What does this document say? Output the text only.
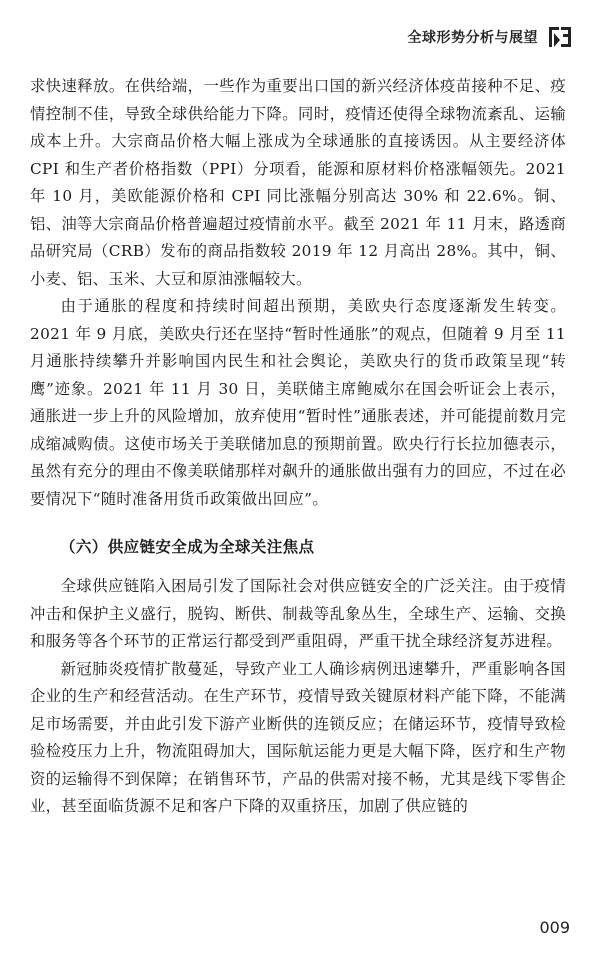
全球形势分析与展望

求快速释放。在供给端，一些作为重要出口国的新兴经济体疫苗接种不足、疫情控制不佳，导致全球供给能力下降。同时，疫情还使得全球物流紊乱、运输成本上升。大宗商品价格大幅上涨成为全球通胀的直接诱因。从主要经济体 CPI 和生产者价格指数（PPI）分项看，能源和原材料价格涨幅领先。2021 年 10 月，美欧能源价格和 CPI 同比涨幅分别高达 30% 和 22.6%。铜、铝、油等大宗商品价格普遍超过疫情前水平。截至 2021 年 11 月末，路透商品研究局（CRB）发布的商品指数较 2019 年 12 月高出 28%。其中，铜、小麦、铝、玉米、大豆和原油涨幅较大。

由于通胀的程度和持续时间超出预期，美欧央行态度逐渐发生转变。2021 年 9 月底，美欧央行还在坚持“暂时性通胀”的观点，但随着 9 月至 11 月通胀持续攀升并影响国内民生和社会舆论，美欧央行的货币政策呈现“转鹰”迹象。2021 年 11 月 30 日，美联储主席鲍威尔在国会听证会上表示，通胀进一步上升的风险增加，放弃使用“暂时性”通胀表述，并可能提前数月完成缩减购债。这使市场关于美联储加息的预期前置。欧央行行长拉加德表示，虽然有充分的理由不像美联储那样对飙升的通胀做出强有力的回应，不过在必要情况下“随时准备用货币政策做出回应”。

（六）供应链安全成为全球关注焦点

全球供应链陷入困局引发了国际社会对供应链安全的广泛关注。由于疫情冲击和保护主义盛行，脱钩、断供、制裁等乱象丛生，全球生产、运输、交换和服务等各个环节的正常运行都受到严重阻碍，严重干扰全球经济复苏进程。

新冠肺炎疫情扩散蔓延，导致产业工人确诊病例迅速攀升，严重影响各国企业的生产和经营活动。在生产环节，疫情导致关键原材料产能下降，不能满足市场需要，并由此引发下游产业断供的连锁反应；在储运环节，疫情导致检验检疫压力上升，物流阻碍加大，国际航运能力更是大幅下降，医疗和生产物资的运输得不到保障；在销售环节，产品的供需对接不畅，尤其是线下零售企业，甚至面临货源不足和客户下降的双重挤压，加剧了供应链的

009
